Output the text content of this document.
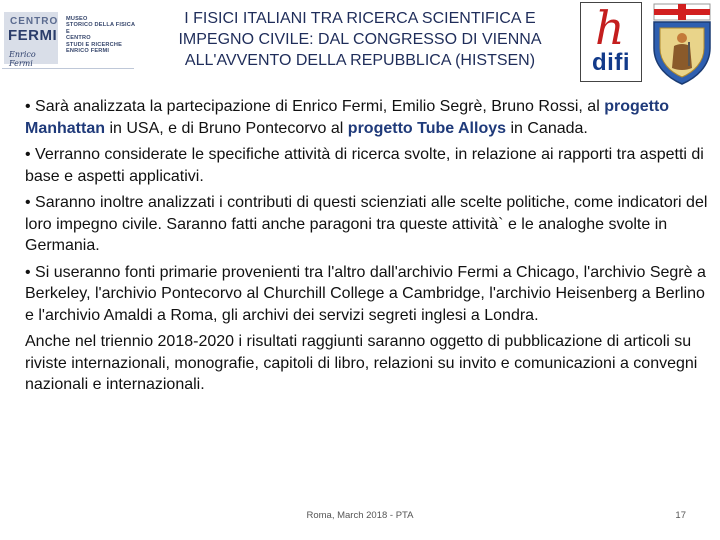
CENTRO
FERMI
Enrico Fermi
MUSEO
STORICO DELLA FISICA
E
CENTRO
STUDI E RICERCHE
ENRICO FERMI
I FISICI ITALIANI TRA RICERCA SCIENTIFICA E IMPEGNO CIVILE: DAL CONGRESSO DI VIENNA ALL'AVVENTO DELLA REPUBBLICA (HISTSEN)
h
difi

• Sarà analizzata la partecipazione di Enrico Fermi, Emilio Segrè, Bruno Rossi, al progetto Manhattan in USA, e di Bruno Pontecorvo al progetto Tube Alloys in Canada.

• Verranno considerate le specifiche attività di ricerca svolte, in relazione ai rapporti tra aspetti di base e aspetti applicativi.

• Saranno inoltre analizzati i contributi di questi scienziati alle scelte politiche, come indicatori del loro impegno civile. Saranno fatti anche paragoni tra queste attività` e le analoghe svolte in Germania.

• Si useranno fonti primarie provenienti tra l'altro dall'archivio Fermi a Chicago, l'archivio Segrè a Berkeley, l'archivio Pontecorvo al Churchill College a Cambridge, l'archivio Heisenberg a Berlino e l'archivio Amaldi a Roma, gli archivi dei servizi segreti inglesi a Londra.

Anche nel triennio 2018-2020 i risultati raggiunti saranno oggetto di pubblicazione di articoli su riviste internazionali, monografie, capitoli di libro, relazioni su invito e comunicazioni a convegni nazionali e internazionali.

Roma, March 2018 - PTA	17
